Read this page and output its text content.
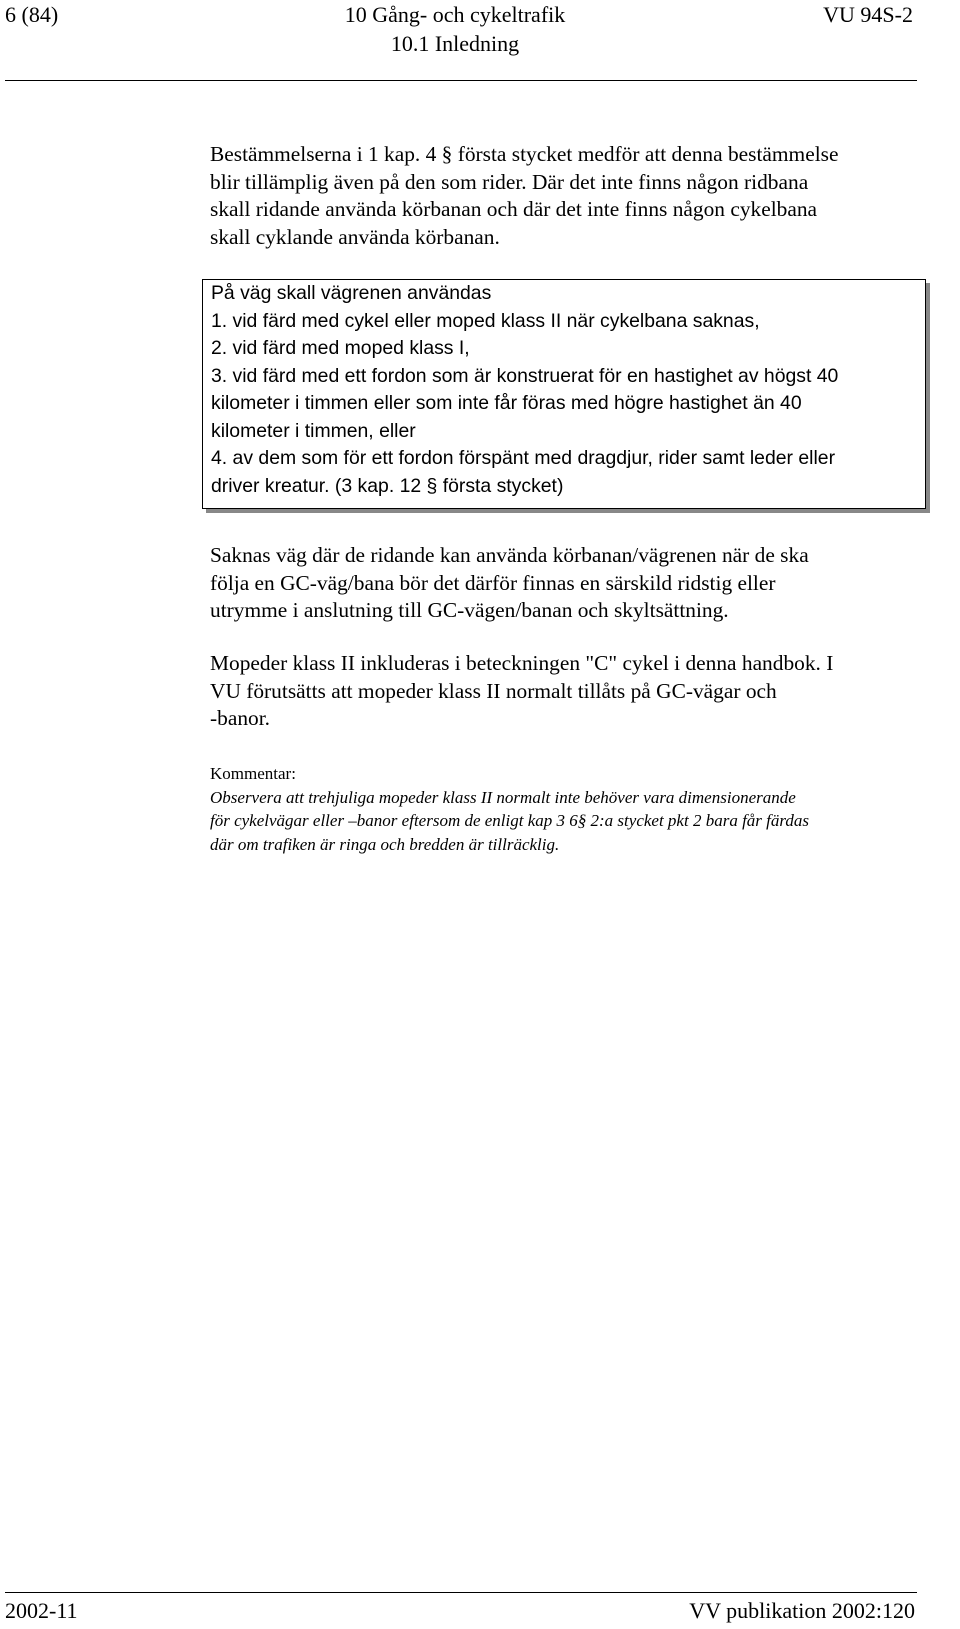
6 (84)	10 Gång- och cykeltrafik
10.1 Inledning
VU 94S-2
Bestämmelserna i 1 kap. 4 § första stycket medför att denna bestämmelse
blir tillämplig även på den som rider. Där det inte finns någon ridbana
skall ridande använda körbanan och där det inte finns någon cykelbana
skall cyklande använda körbanan.
På väg skall vägrenen användas
1. vid färd med cykel eller moped klass II när cykelbana saknas,
2. vid färd med moped klass I,
3. vid färd med ett fordon som är konstruerat för en hastighet av högst 40
kilometer i timmen eller som inte får föras med högre hastighet än 40
kilometer i timmen, eller
4. av dem som för ett fordon förspänt med dragdjur, rider samt leder eller
driver kreatur. (3 kap. 12 § första stycket)
Saknas väg där de ridande kan använda körbanan/vägrenen när de ska
följa en GC-väg/bana bör det därför finnas en särskild ridstig eller
utrymme i anslutning till GC-vägen/banan och skyltsättning.
Mopeder klass II inkluderas i beteckningen "C" cykel i denna handbok. I
VU förutsätts att mopeder klass II normalt tillåts på GC-vägar och
-banor.
Kommentar:
Observera att trehjuliga mopeder klass II normalt inte behöver vara dimensionerande
för cykelvägar eller –banor eftersom de enligt kap 3 6§ 2:a stycket pkt 2 bara får färdas
där om trafiken är ringa och bredden är tillräcklig.
2002-11	VV publikation 2002:120
